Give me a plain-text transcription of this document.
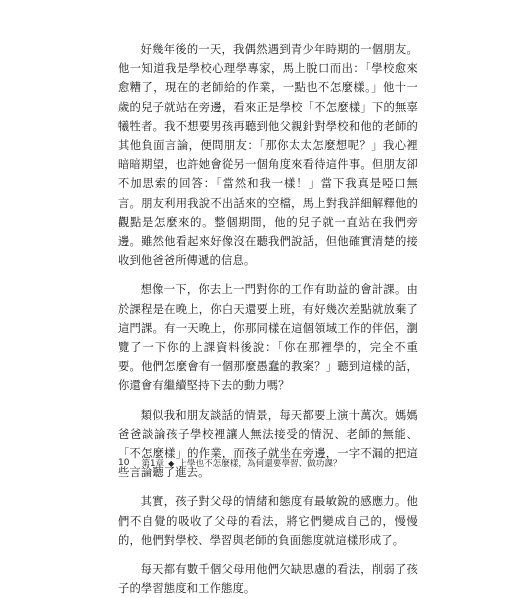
好幾年後的一天，我偶然遇到青少年時期的一個朋友。他一知道我是學校心理學專家，馬上脫口而出：「學校愈來愈糟了，現在的老師給的作業，一點也不怎麼樣。」他十一歲的兒子就站在旁邊，看來正是學校「不怎麼樣」下的無辜犧牲者。我不想要男孩再聽到他父親針對學校和他的老師的其他負面言論，便問朋友：「那你太太怎麼想呢？」我心裡暗暗期望，也許她會從另一個角度來看待這件事。但朋友卻不加思索的回答：「當然和我一樣！」當下我真是啞口無言。朋友利用我說不出話來的空檔，馬上對我詳細解釋他的觀點是怎麼來的。整個期間，他的兒子就一直站在我們旁邊。雖然他看起來好像沒在聽我們說話，但他確實清楚的接收到他爸爸所傳遞的信息。

想像一下，你去上一門對你的工作有助益的會計課。由於課程是在晚上，你白天還要上班，有好幾次差點就放棄了這門課。有一天晚上，你那同樣在這個領域工作的伴侶，瀏覽了一下你的上課資料後說：「你在那裡學的，完全不重要。他們怎麼會有一個那麼愚蠢的教案？」聽到這樣的話，你還會有繼續堅持下去的動力嗎？

類似我和朋友談話的情景，每天都要上演十萬次。媽媽爸爸談論孩子學校裡讓人無法接受的情況、老師的無能、「不怎麼樣」的作業，而孩子就坐在旁邊，一字不漏的把這些言論聽了進去。

其實，孩子對父母的情緒和態度有最敏銳的感應力。他們不自覺的吸收了父母的看法，將它們變成自己的，慢慢的，他們對學校、學習與老師的負面態度就這樣形成了。

每天都有數千個父母用他們欠缺思慮的看法，削弱了孩子的學習態度和工作態度。

10 第1章 ◆ 上學也不怎麼樣，為何還要學習、做功課？
